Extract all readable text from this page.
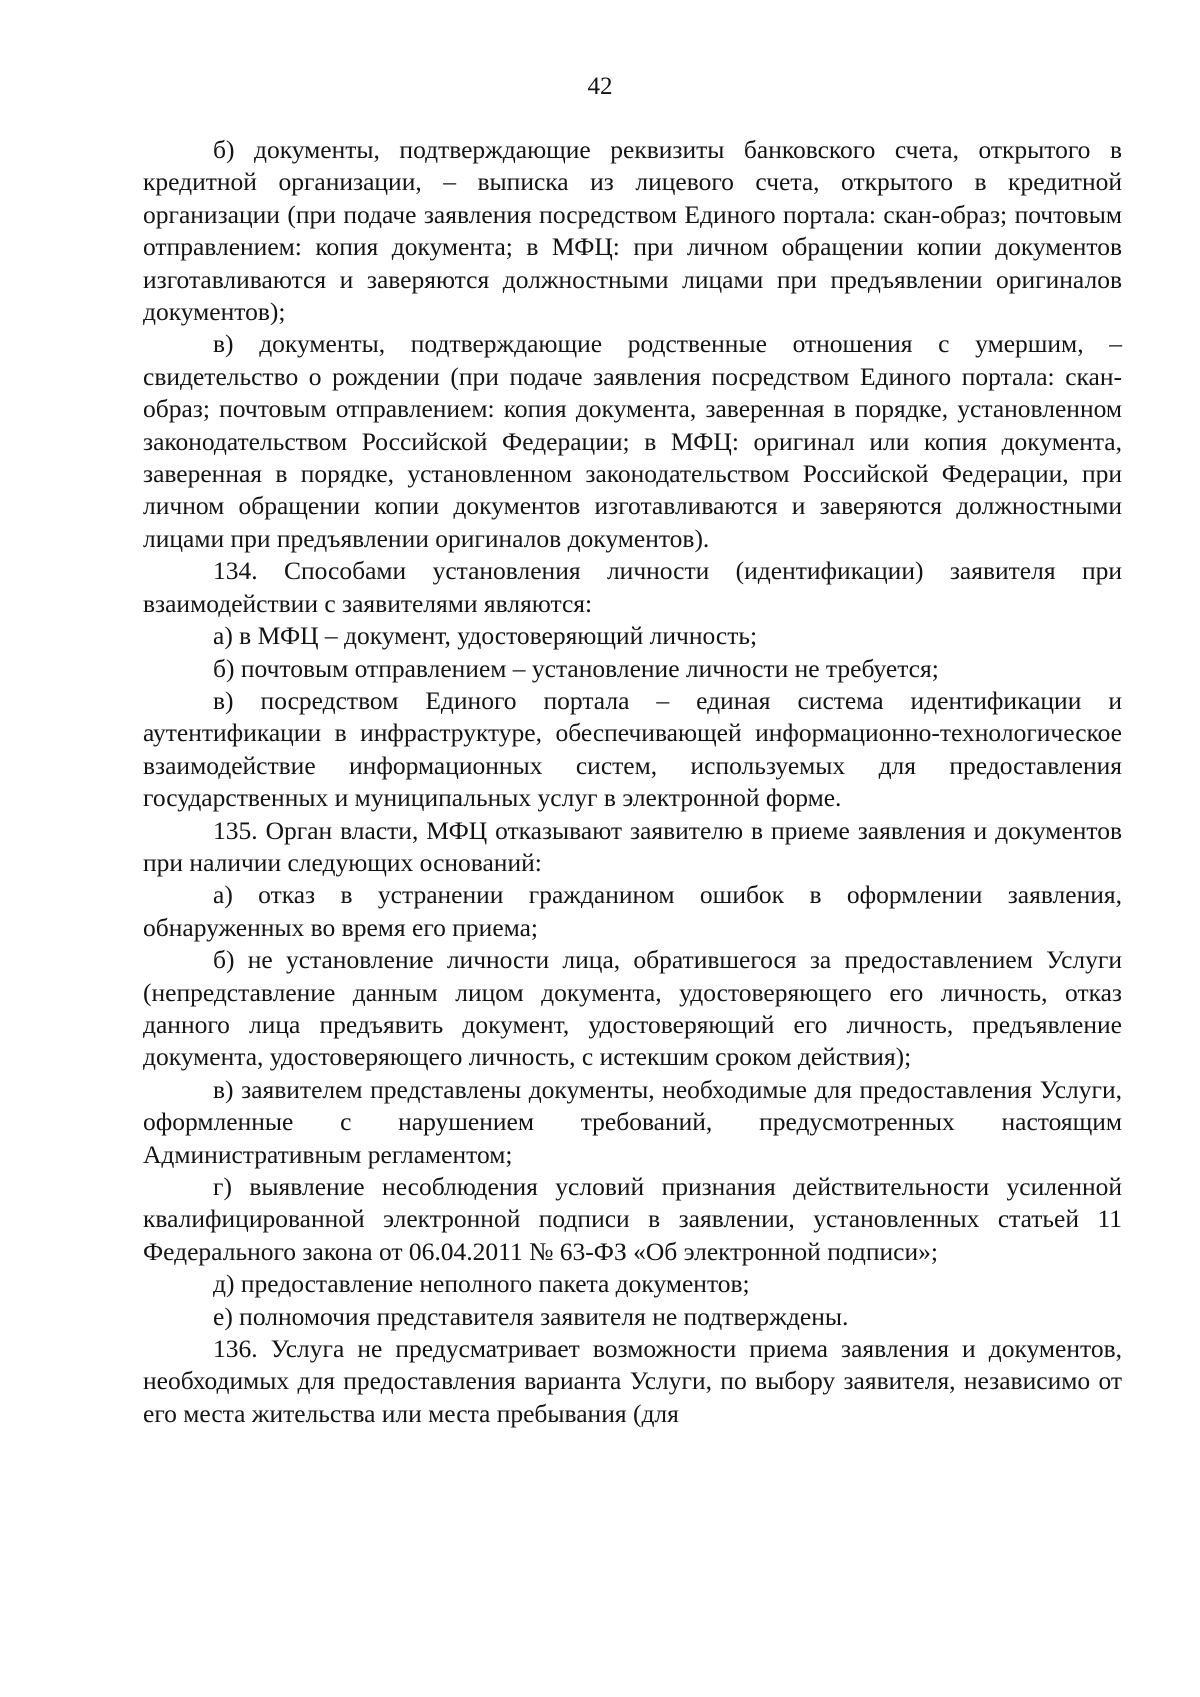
42

б) документы, подтверждающие реквизиты банковского счета, открытого в кредитной организации, – выписка из лицевого счета, открытого в кредитной организации (при подаче заявления посредством Единого портала: скан-образ; почтовым отправлением: копия документа; в МФЦ: при личном обращении копии документов изготавливаются и заверяются должностными лицами при предъявлении оригиналов документов);

в) документы, подтверждающие родственные отношения с умершим, – свидетельство о рождении (при подаче заявления посредством Единого портала: скан-образ; почтовым отправлением: копия документа, заверенная в порядке, установленном законодательством Российской Федерации; в МФЦ: оригинал или копия документа, заверенная в порядке, установленном законодательством Российской Федерации, при личном обращении копии документов изготавливаются и заверяются должностными лицами при предъявлении оригиналов документов).

134. Способами установления личности (идентификации) заявителя при взаимодействии с заявителями являются:

а) в МФЦ – документ, удостоверяющий личность;

б) почтовым отправлением – установление личности не требуется;

в) посредством Единого портала – единая система идентификации и аутентификации в инфраструктуре, обеспечивающей информационно-технологическое взаимодействие информационных систем, используемых для предоставления государственных и муниципальных услуг в электронной форме.

135. Орган власти, МФЦ отказывают заявителю в приеме заявления и документов при наличии следующих оснований:

а) отказ в устранении гражданином ошибок в оформлении заявления, обнаруженных во время его приема;

б) не установление личности лица, обратившегося за предоставлением Услуги (непредставление данным лицом документа, удостоверяющего его личность, отказ данного лица предъявить документ, удостоверяющий его личность, предъявление документа, удостоверяющего личность, с истекшим сроком действия);

в) заявителем представлены документы, необходимые для предоставления Услуги, оформленные с нарушением требований, предусмотренных настоящим Административным регламентом;

г) выявление несоблюдения условий признания действительности усиленной квалифицированной электронной подписи в заявлении, установленных статьей 11 Федерального закона от 06.04.2011 № 63-ФЗ «Об электронной подписи»;

д) предоставление неполного пакета документов;

е) полномочия представителя заявителя не подтверждены.

136. Услуга не предусматривает возможности приема заявления и документов, необходимых для предоставления варианта Услуги, по выбору заявителя, независимо от его места жительства или места пребывания (для
